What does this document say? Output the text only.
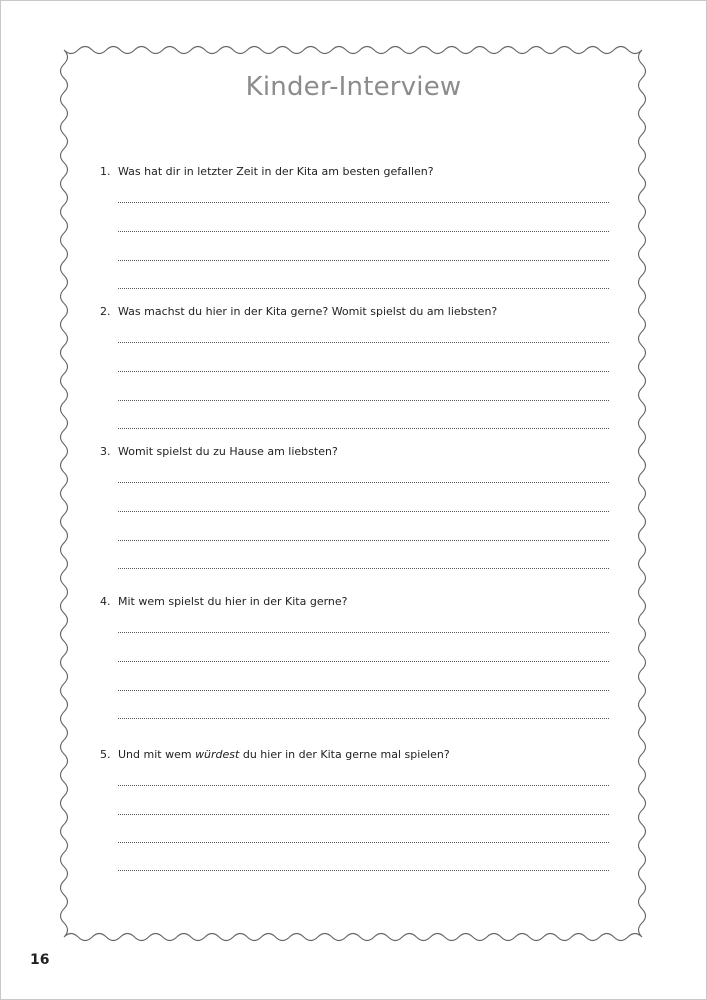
Kinder-Interview
1. Was hat dir in letzter Zeit in der Kita am besten gefallen?
2. Was machst du hier in der Kita gerne? Womit spielst du am liebsten?
3. Womit spielst du zu Hause am liebsten?
4. Mit wem spielst du hier in der Kita gerne?
5. Und mit wem würdest du hier in der Kita gerne mal spielen?
16
